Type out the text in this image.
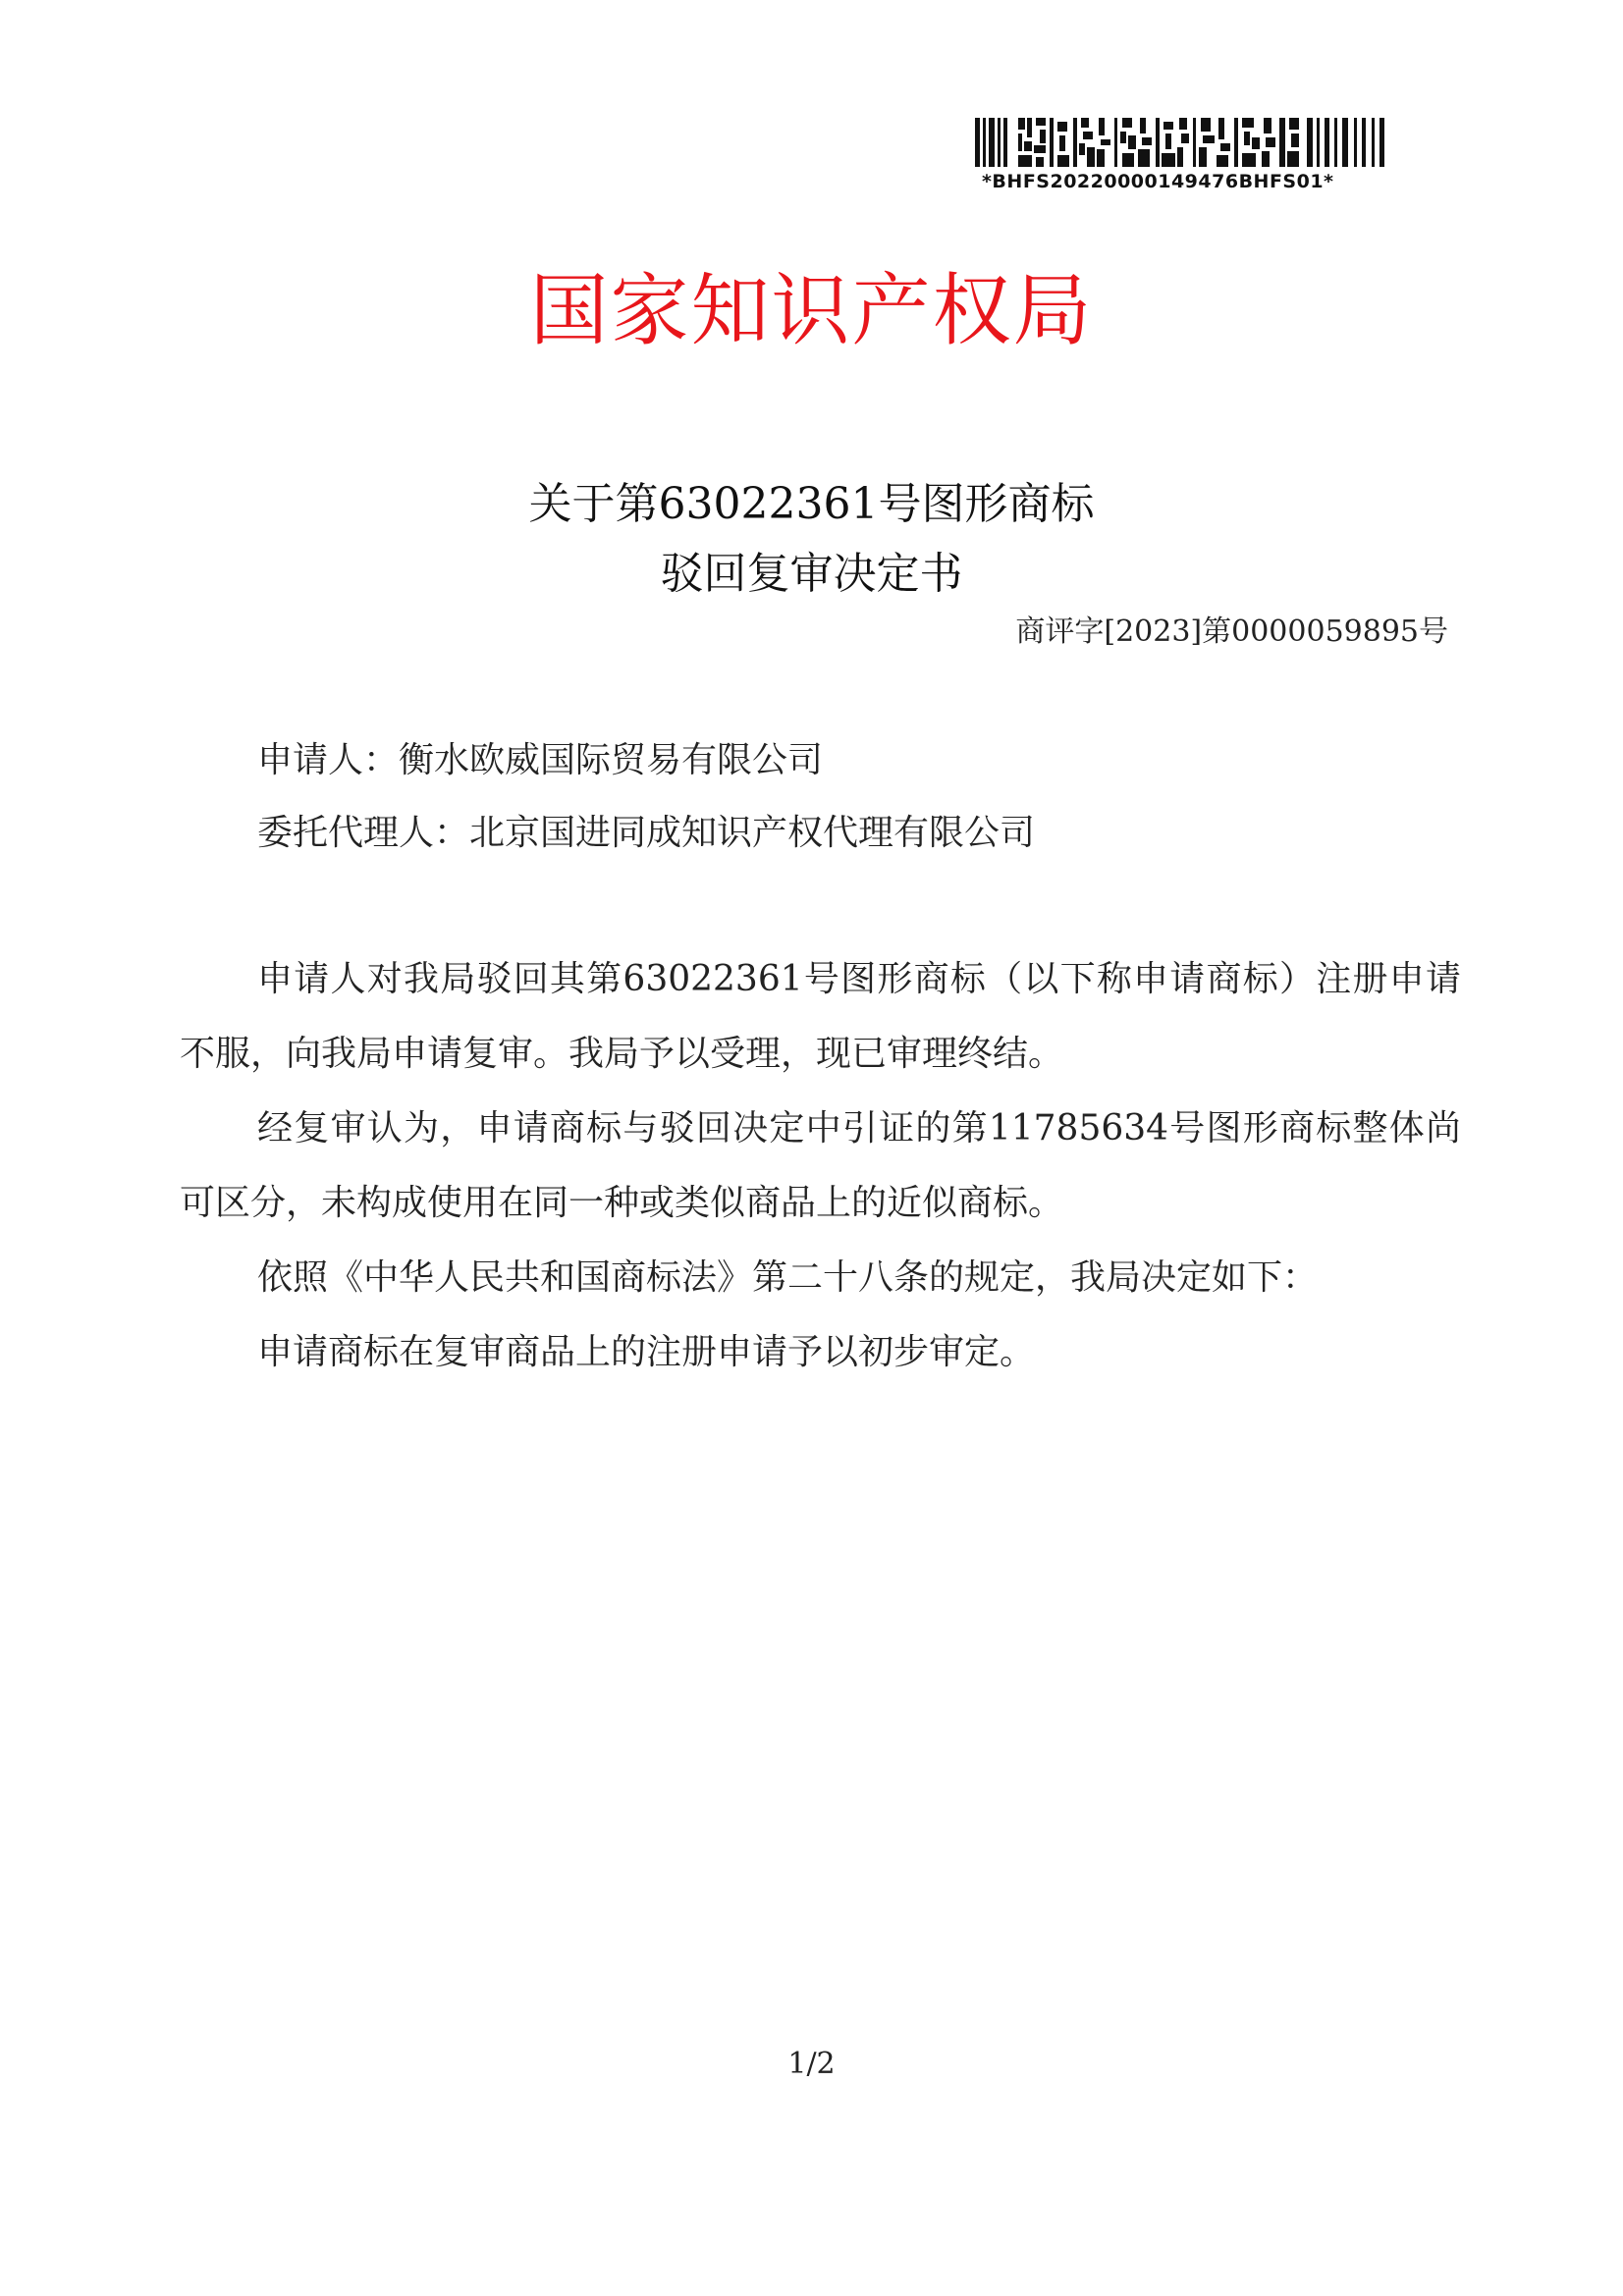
*BHFS20220000149476BHFS01*
国家知识产权局
关于第63022361号图形商标
驳回复审决定书
商评字[2023]第0000059895号
申请人：衡水欧威国际贸易有限公司
委托代理人：北京国进同成知识产权代理有限公司
申请人对我局驳回其第63022361号图形商标（以下称申请商标）注册申请不服，向我局申请复审。我局予以受理，现已审理终结。
经复审认为，申请商标与驳回决定中引证的第11785634号图形商标整体尚可区分，未构成使用在同一种或类似商品上的近似商标。
依照《中华人民共和国商标法》第二十八条的规定，我局决定如下：
申请商标在复审商品上的注册申请予以初步审定。
1/2
